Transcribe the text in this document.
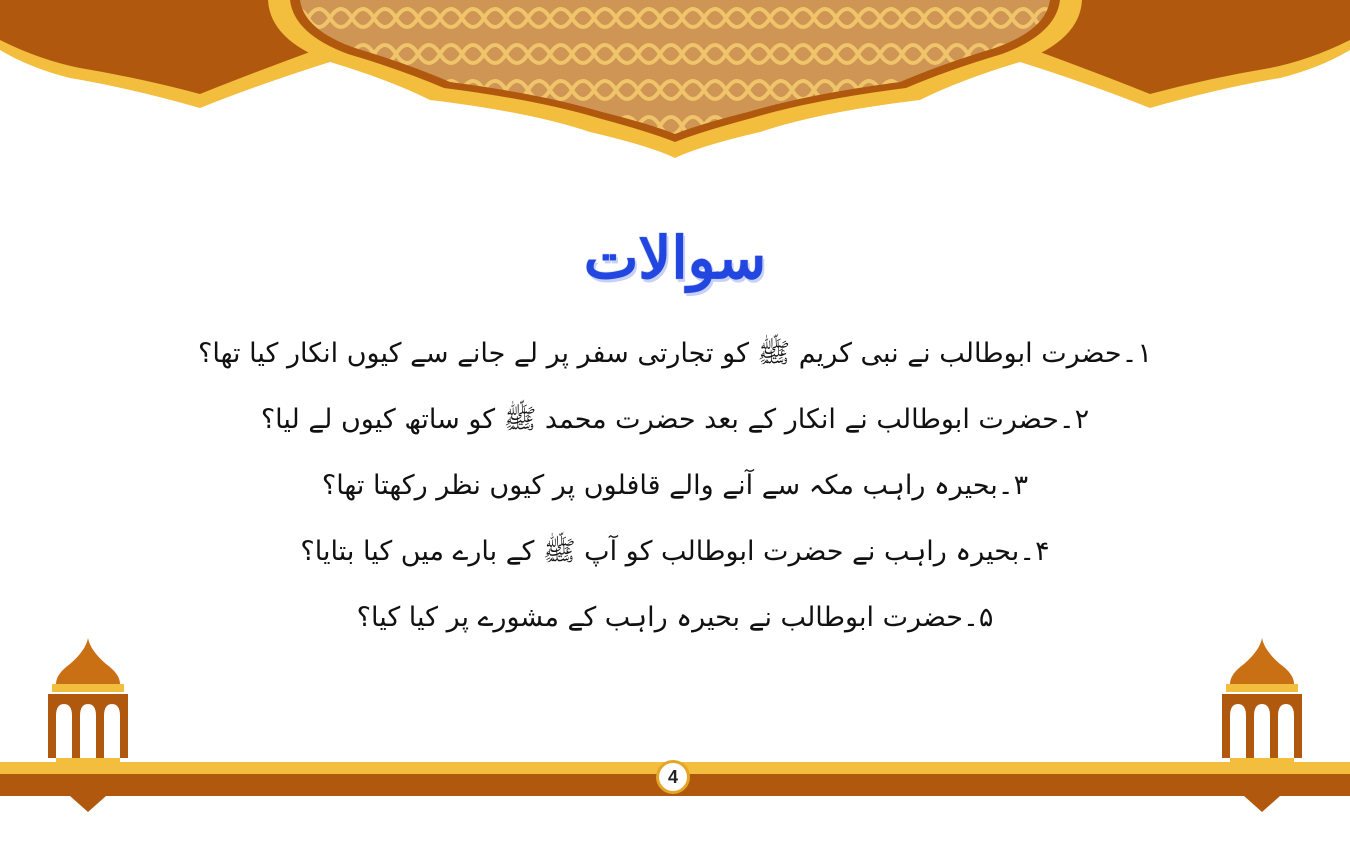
سوالات
۱۔حضرت ابوطالب نے نبی کریم ﷺ کو تجارتی سفر پر لے جانے سے کیوں انکار کیا تھا؟
۲۔حضرت ابوطالب نے انکار کے بعد حضرت محمد ﷺ کو ساتھ کیوں لے لیا؟
۳۔بحیرہ راہب مکہ سے آنے والے قافلوں پر کیوں نظر رکھتا تھا؟
۴۔بحیرہ راہب نے حضرت ابوطالب کو آپ ﷺ کے بارے میں کیا بتایا؟
۵۔حضرت ابوطالب نے بحیرہ راہب کے مشورے پر کیا کیا؟
4
